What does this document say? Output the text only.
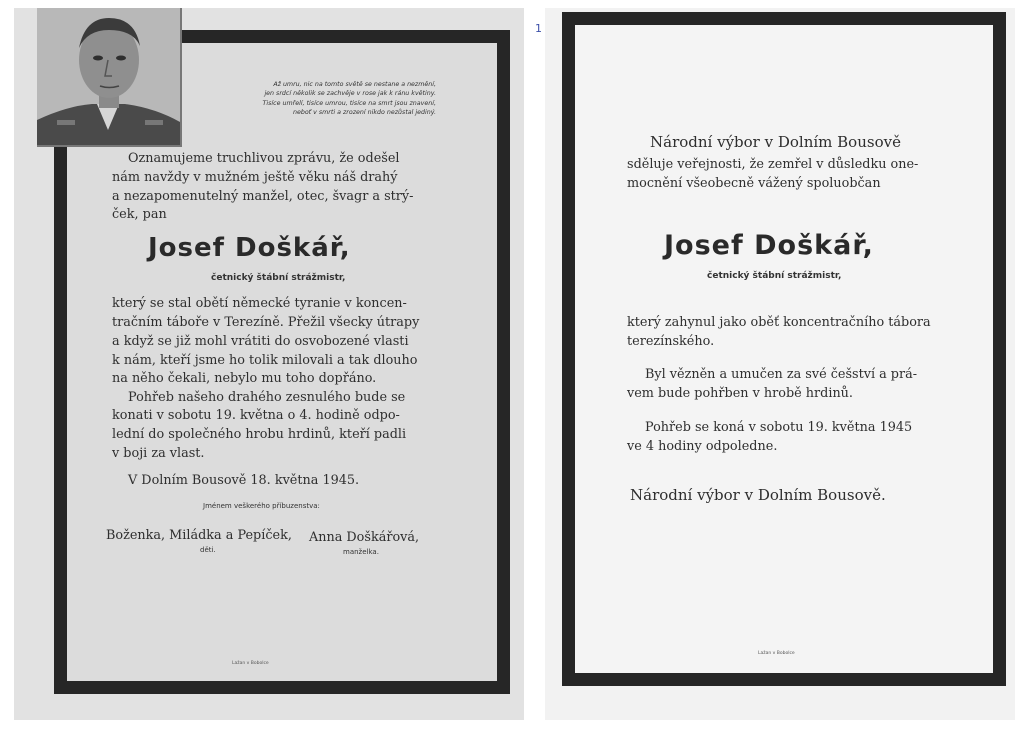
Až umru, nic na tomto světě se nestane a nezmění,
jen srdcí několik se zachvěje v rose jak k ránu květiny.
Tisíce umřelí, tisíce umrou, tisíce na smrt jsou znavení,
neboť v smrti a zrození nikdo nezůstal jediný.
Oznamujeme truchlivou zprávu, že odešel
nám navždy v mužném ještě věku náš drahý
a nezapomenutelný manžel, otec, švagr a strý-
ček, pan
Josef Doškář,
četnický štábní strážmistr,
který se stal obětí německé tyranie v koncen-
tračním táboře v Terezíně. Přežil všecky útrapy
a když se již mohl vrátiti do osvobozené vlasti
k nám, kteří jsme ho tolik milovali a tak dlouho
na něho čekali, nebylo mu toho dopřáno.
Pohřeb našeho drahého zesnulého bude se
konati v sobotu 19. května o 4. hodině odpo-
lední do společného hrobu hrdinů, kteří padli
v boji za vlast.
V Dolním Bousově 18. května 1945.
Jménem veškerého příbuzenstva:
Boženka, Miládka a Pepíček,
děti.
Anna Doškářová,
manželka.
Lažan v Bobolce
1
Národní výbor v Dolním Bousově
sděluje veřejnosti, že zemřel v důsledku one-
mocnění všeobecně vážený spoluobčan
Josef Doškář,
četnický štábní strážmistr,
který zahynul jako oběť koncentračního tábora
terezínského.
Byl vězněn a umučen za své češství a prá-
vem bude pohřben v hrobě hrdinů.
Pohřeb se koná v sobotu 19. května 1945
ve 4 hodiny odpoledne.
Národní výbor v Dolním Bousově.
Lažan v Bobolce
